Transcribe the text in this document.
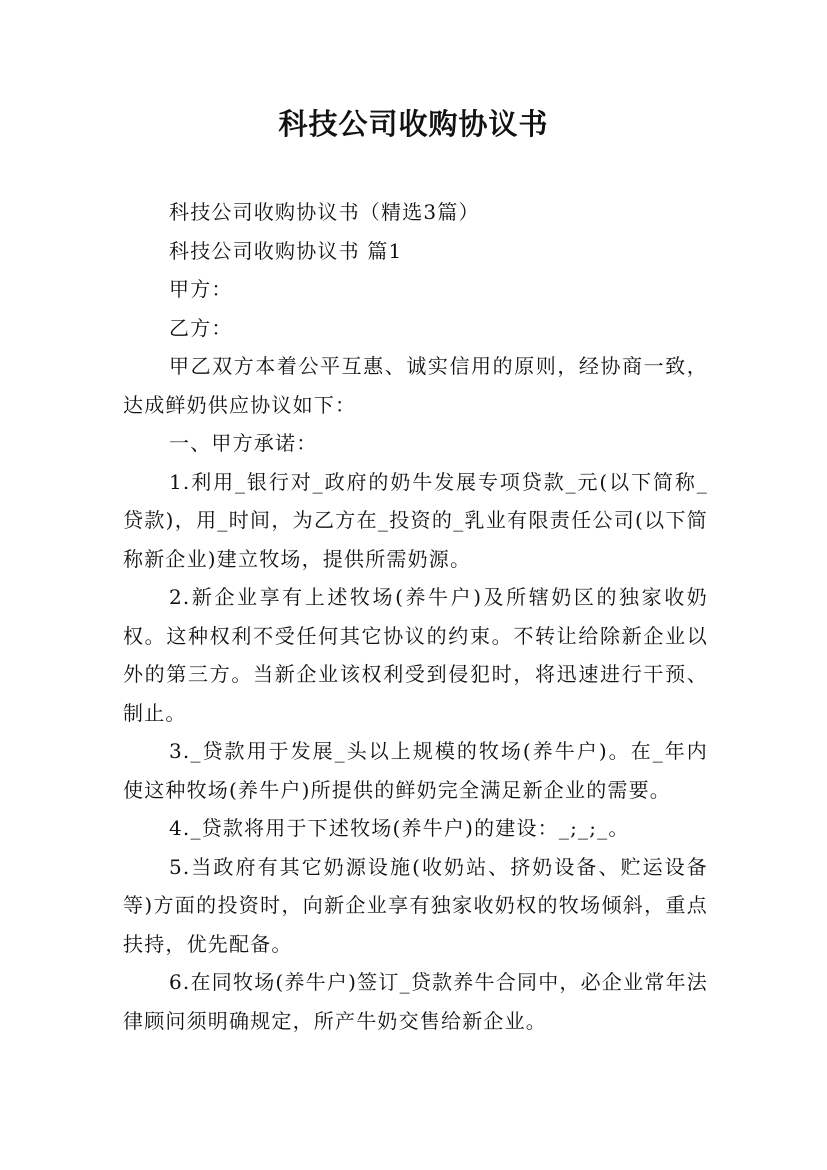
科技公司收购协议书

科技公司收购协议书（精选3篇）

科技公司收购协议书 篇1

甲方：

乙方：

甲乙双方本着公平互惠、诚实信用的原则，经协商一致，达成鲜奶供应协议如下：

一、甲方承诺：

1.利用_银行对_政府的奶牛发展专项贷款_元(以下简称_贷款)，用_时间，为乙方在_投资的_乳业有限责任公司(以下简称新企业)建立牧场，提供所需奶源。

2.新企业享有上述牧场(养牛户)及所辖奶区的独家收奶权。这种权利不受任何其它协议的约束。不转让给除新企业以外的第三方。当新企业该权利受到侵犯时，将迅速进行干预、制止。

3._贷款用于发展_头以上规模的牧场(养牛户)。在_年内使这种牧场(养牛户)所提供的鲜奶完全满足新企业的需要。

4._贷款将用于下述牧场(养牛户)的建设：_;_;_。

5.当政府有其它奶源设施(收奶站、挤奶设备、贮运设备等)方面的投资时，向新企业享有独家收奶权的牧场倾斜，重点扶持，优先配备。

6.在同牧场(养牛户)签订_贷款养牛合同中，必企业常年法律顾问须明确规定，所产牛奶交售给新企业。
